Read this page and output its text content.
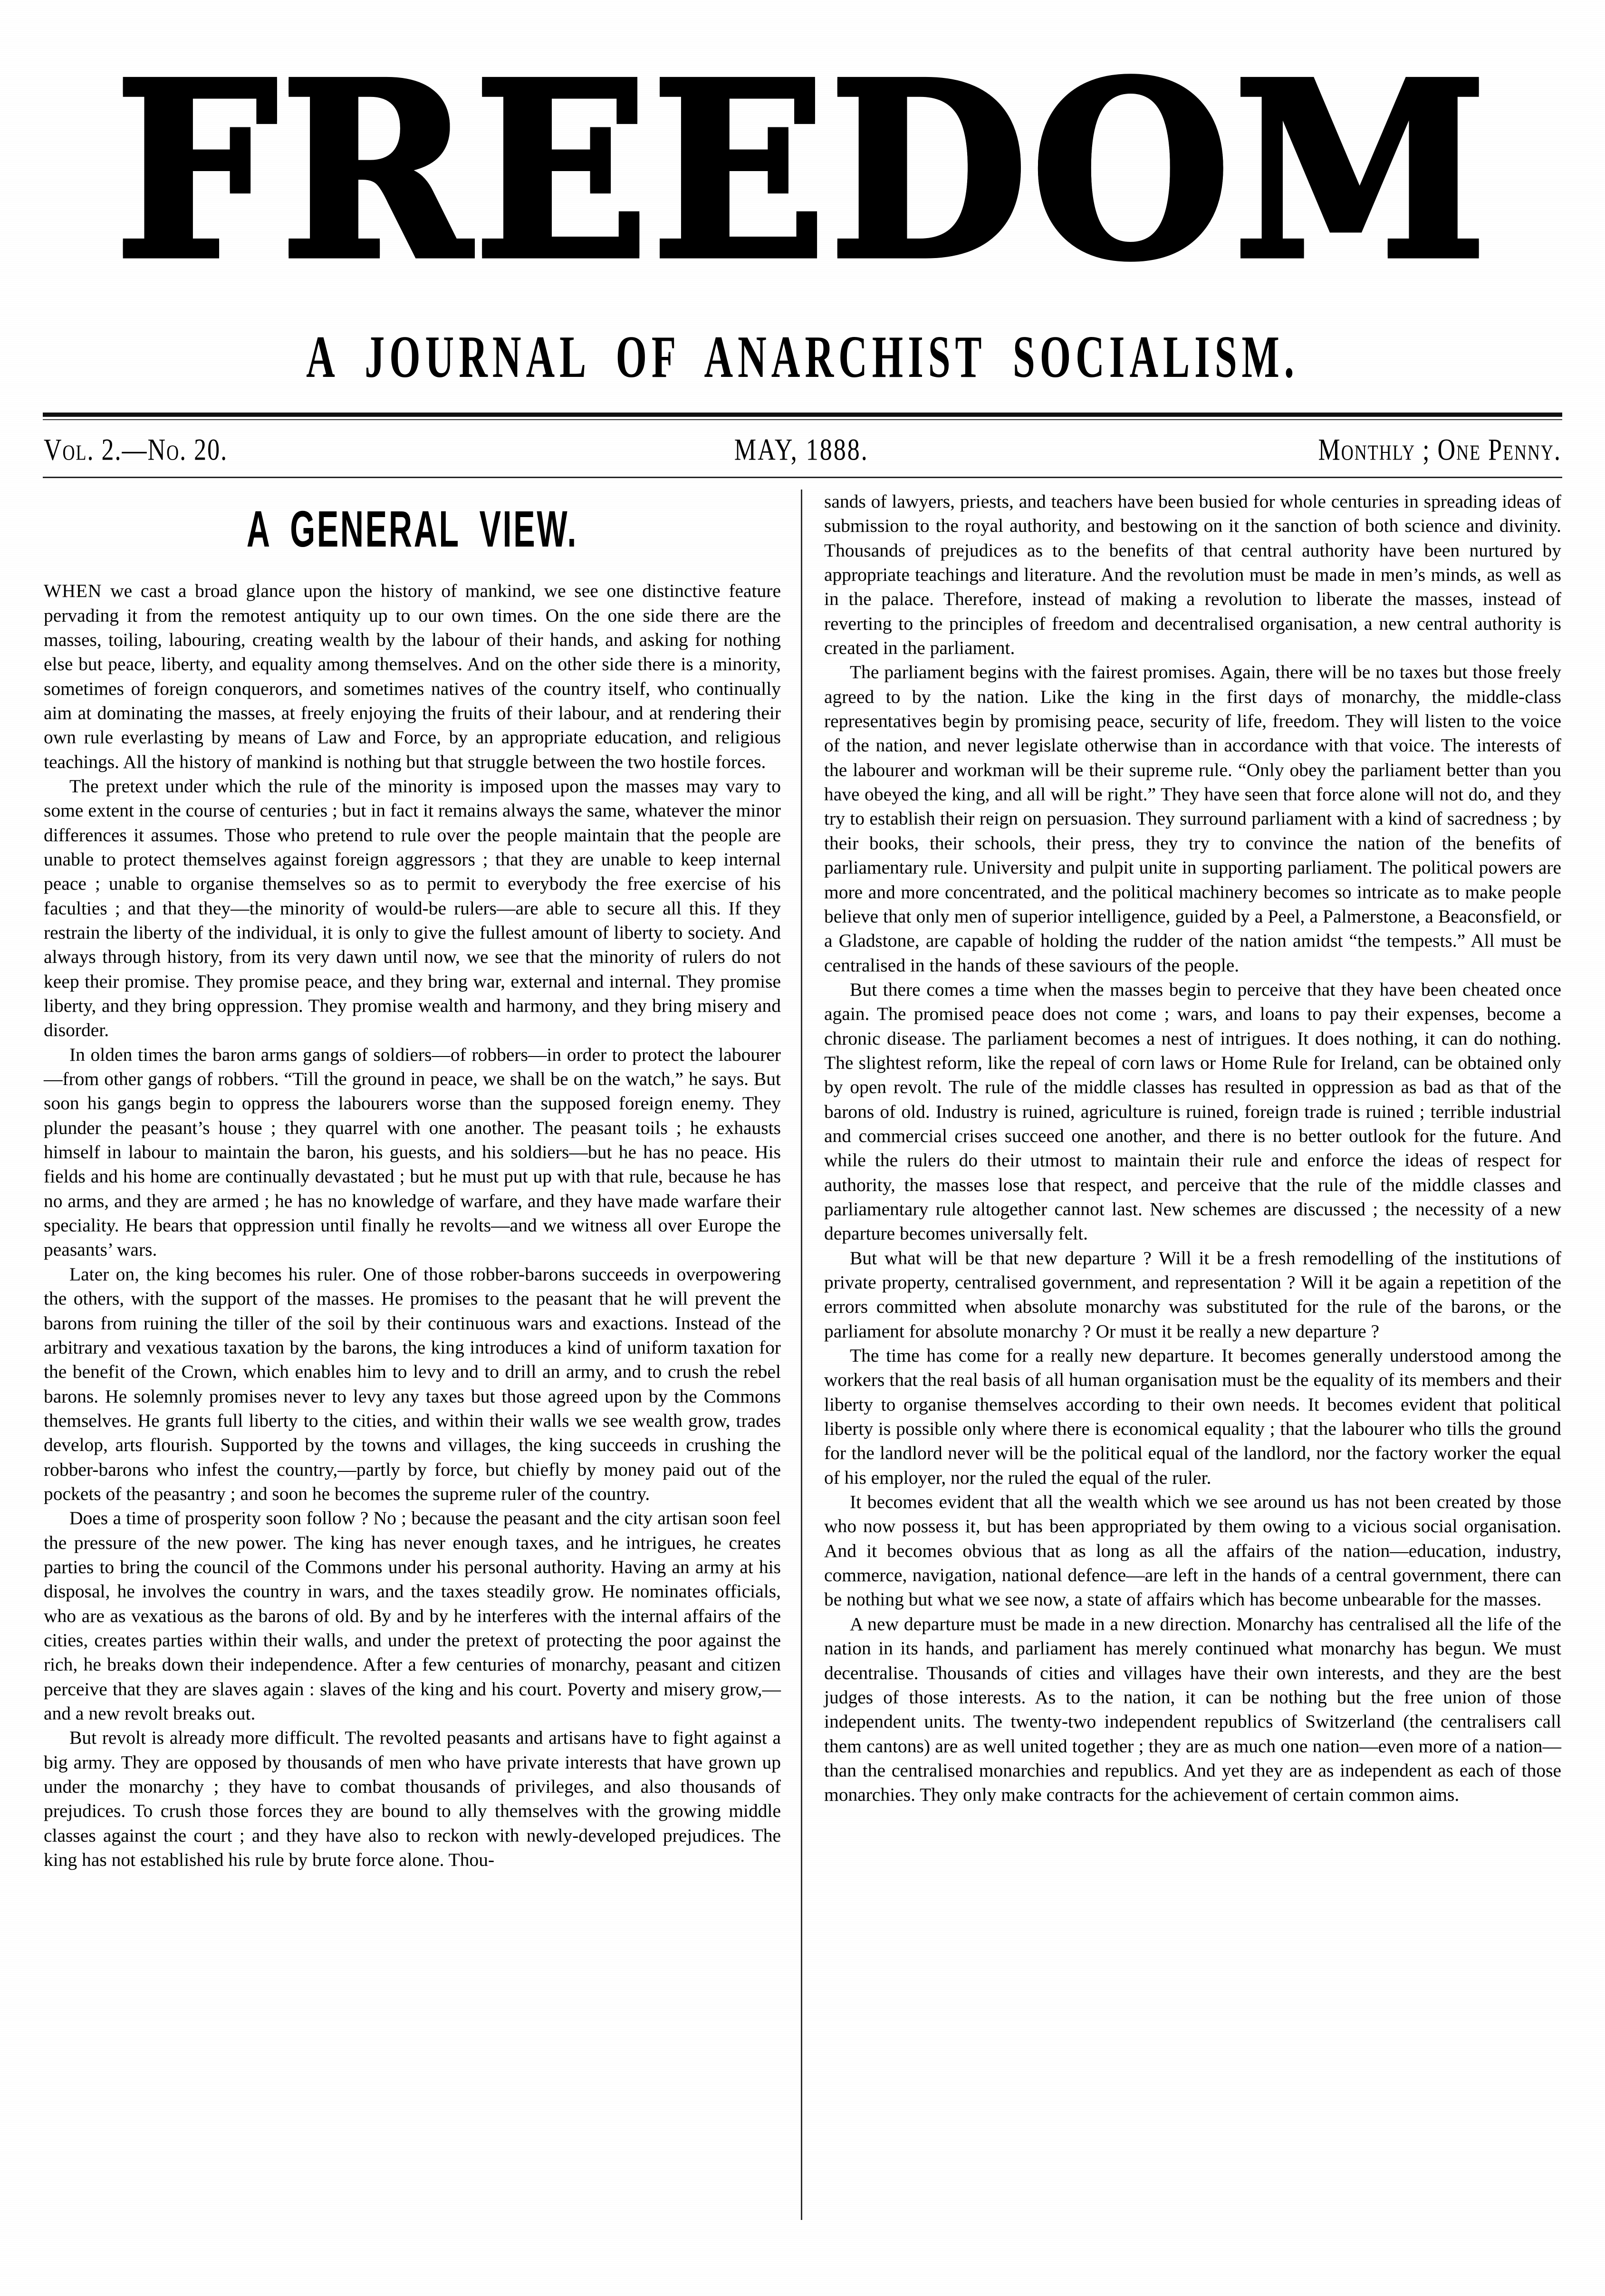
FREEDOM
A JOURNAL OF ANARCHIST SOCIALISM.
Vol. 2.—No. 20.	MAY, 1888.	Monthly ; One Penny.
A GENERAL VIEW.

WHEN we cast a broad glance upon the history of mankind, we see one distinctive feature pervading it from the remotest antiquity up to our own times. On the one side there are the masses, toiling, labouring, creating wealth by the labour of their hands, and asking for nothing else but peace, liberty, and equality among themselves. And on the other side there is a minority, sometimes of foreign conquerors, and sometimes natives of the country itself, who continually aim at dominating the masses, at freely enjoying the fruits of their labour, and at rendering their own rule everlasting by means of Law and Force, by an appropriate education, and religious teachings. All the history of mankind is nothing but that struggle between the two hostile forces.

The pretext under which the rule of the minority is imposed upon the masses may vary to some extent in the course of centuries ; but in fact it remains always the same, whatever the minor differences it assumes. Those who pretend to rule over the people maintain that the people are unable to protect themselves against foreign aggressors ; that they are unable to keep internal peace ; unable to organise themselves so as to permit to everybody the free exercise of his faculties ; and that they—the minority of would-be rulers—are able to secure all this. If they restrain the liberty of the individual, it is only to give the fullest amount of liberty to society. And always through history, from its very dawn until now, we see that the minority of rulers do not keep their promise. They promise peace, and they bring war, external and internal. They promise liberty, and they bring oppression. They promise wealth and harmony, and they bring misery and disorder.

In olden times the baron arms gangs of soldiers—of robbers—in order to protect the labourer—from other gangs of robbers. “Till the ground in peace, we shall be on the watch,” he says. But soon his gangs begin to oppress the labourers worse than the supposed foreign enemy. They plunder the peasant’s house ; they quarrel with one another. The peasant toils ; he exhausts himself in labour to maintain the baron, his guests, and his soldiers—but he has no peace. His fields and his home are continually devastated ; but he must put up with that rule, because he has no arms, and they are armed ; he has no knowledge of warfare, and they have made warfare their speciality. He bears that oppression until finally he revolts—and we witness all over Europe the peasants’ wars.

Later on, the king becomes his ruler. One of those robber-barons succeeds in overpowering the others, with the support of the masses. He promises to the peasant that he will prevent the barons from ruining the tiller of the soil by their continuous wars and exactions. Instead of the arbitrary and vexatious taxation by the barons, the king introduces a kind of uniform taxation for the benefit of the Crown, which enables him to levy and to drill an army, and to crush the rebel barons. He solemnly promises never to levy any taxes but those agreed upon by the Commons themselves. He grants full liberty to the cities, and within their walls we see wealth grow, trades develop, arts flourish. Supported by the towns and villages, the king succeeds in crushing the robber-barons who infest the country,—partly by force, but chiefly by money paid out of the pockets of the peasantry ; and soon he becomes the supreme ruler of the country.

Does a time of prosperity soon follow ? No ; because the peasant and the city artisan soon feel the pressure of the new power. The king has never enough taxes, and he intrigues, he creates parties to bring the council of the Commons under his personal authority. Having an army at his disposal, he involves the country in wars, and the taxes steadily grow. He nominates officials, who are as vexatious as the barons of old. By and by he interferes with the internal affairs of the cities, creates parties within their walls, and under the pretext of protecting the poor against the rich, he breaks down their independence. After a few centuries of monarchy, peasant and citizen perceive that they are slaves again : slaves of the king and his court. Poverty and misery grow,—and a new revolt breaks out.

But revolt is already more difficult. The revolted peasants and artisans have to fight against a big army. They are opposed by thousands of men who have private interests that have grown up under the monarchy ; they have to combat thousands of privileges, and also thousands of prejudices. To crush those forces they are bound to ally themselves with the growing middle classes against the court ; and they have also to reckon with newly-developed prejudices. The king has not established his rule by brute force alone. Thou-

sands of lawyers, priests, and teachers have been busied for whole centuries in spreading ideas of submission to the royal authority, and bestowing on it the sanction of both science and divinity. Thousands of prejudices as to the benefits of that central authority have been nurtured by appropriate teachings and literature. And the revolution must be made in men’s minds, as well as in the palace. Therefore, instead of making a revolution to liberate the masses, instead of reverting to the principles of freedom and decentralised organisation, a new central authority is created in the parliament.

The parliament begins with the fairest promises. Again, there will be no taxes but those freely agreed to by the nation. Like the king in the first days of monarchy, the middle-class representatives begin by promising peace, security of life, freedom. They will listen to the voice of the nation, and never legislate otherwise than in accordance with that voice. The interests of the labourer and workman will be their supreme rule. “Only obey the parliament better than you have obeyed the king, and all will be right.” They have seen that force alone will not do, and they try to establish their reign on persuasion. They surround parliament with a kind of sacredness ; by their books, their schools, their press, they try to convince the nation of the benefits of parliamentary rule. University and pulpit unite in supporting parliament. The political powers are more and more concentrated, and the political machinery becomes so intricate as to make people believe that only men of superior intelligence, guided by a Peel, a Palmerstone, a Beaconsfield, or a Gladstone, are capable of holding the rudder of the nation amidst “the tempests.” All must be centralised in the hands of these saviours of the people.

But there comes a time when the masses begin to perceive that they have been cheated once again. The promised peace does not come ; wars, and loans to pay their expenses, become a chronic disease. The parliament becomes a nest of intrigues. It does nothing, it can do nothing. The slightest reform, like the repeal of corn laws or Home Rule for Ireland, can be obtained only by open revolt. The rule of the middle classes has resulted in oppression as bad as that of the barons of old. Industry is ruined, agriculture is ruined, foreign trade is ruined ; terrible industrial and commercial crises succeed one another, and there is no better outlook for the future. And while the rulers do their utmost to maintain their rule and enforce the ideas of respect for authority, the masses lose that respect, and perceive that the rule of the middle classes and parliamentary rule altogether cannot last. New schemes are discussed ; the necessity of a new departure becomes universally felt.

But what will be that new departure ? Will it be a fresh remodelling of the institutions of private property, centralised government, and representation ? Will it be again a repetition of the errors committed when absolute monarchy was substituted for the rule of the barons, or the parliament for absolute monarchy ? Or must it be really a new departure ?

The time has come for a really new departure. It becomes generally understood among the workers that the real basis of all human organisation must be the equality of its members and their liberty to organise themselves according to their own needs. It becomes evident that political liberty is possible only where there is economical equality ; that the labourer who tills the ground for the landlord never will be the political equal of the landlord, nor the factory worker the equal of his employer, nor the ruled the equal of the ruler.

It becomes evident that all the wealth which we see around us has not been created by those who now possess it, but has been appropriated by them owing to a vicious social organisation. And it becomes obvious that as long as all the affairs of the nation—education, industry, commerce, navigation, national defence—are left in the hands of a central government, there can be nothing but what we see now, a state of affairs which has become unbearable for the masses.

A new departure must be made in a new direction. Monarchy has centralised all the life of the nation in its hands, and parliament has merely continued what monarchy has begun. We must decentralise. Thousands of cities and villages have their own interests, and they are the best judges of those interests. As to the nation, it can be nothing but the free union of those independent units. The twenty-two independent republics of Switzerland (the centralisers call them cantons) are as well united together ; they are as much one nation—even more of a nation—than the centralised monarchies and republics. And yet they are as independent as each of those monarchies. They only make contracts for the achievement of certain common aims.
